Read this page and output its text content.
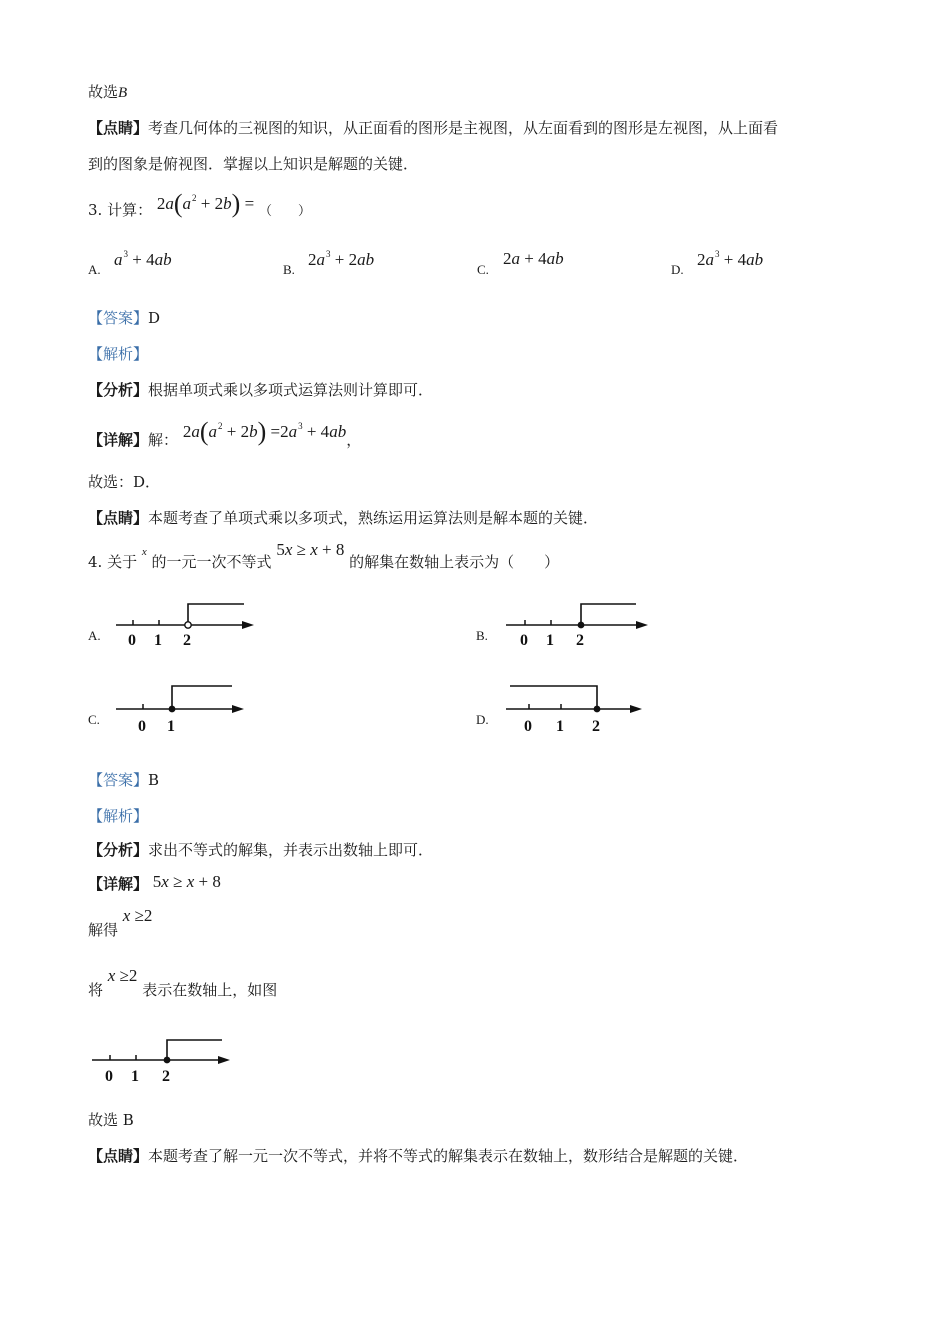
故选B
【点睛】考查几何体的三视图的知识，从正面看的图形是主视图，从左面看到的图形是左视图，从上面看
到的图象是俯视图．掌握以上知识是解题的关键．
3. 计算： $2a(a^2 + 2b)$ = （　　）
A.
$a^3 + 4ab$
B.
$2a^3 + 2ab$
C.
2a + 4ab
D.
$2a^3 + 4ab$
【答案】D
【解析】
【分析】根据单项式乘以多项式运算法则计算即可．
【详解】解： $2a(a^2 + 2b) =2a^3 + 4ab$，
故选：D．
【点睛】本题考查了单项式乘以多项式，熟练运用运算法则是解本题的关键．
4. 关于 $^x$ 的一元一次不等式 5x ≥ x + 8 的解集在数轴上表示为（　　）
A. 0 1 2	B. 0 1 2
C. 0 1	D. 0 1 2
【答案】B
【解析】
【分析】求出不等式的解集，并表示出数轴上即可．
【详解】 5x ≥ x + 8
解得 x ≥2
将 x ≥2 表示在数轴上，如图
0 1 2
故选 B
【点睛】本题考查了解一元一次不等式，并将不等式的解集表示在数轴上，数形结合是解题的关键．
